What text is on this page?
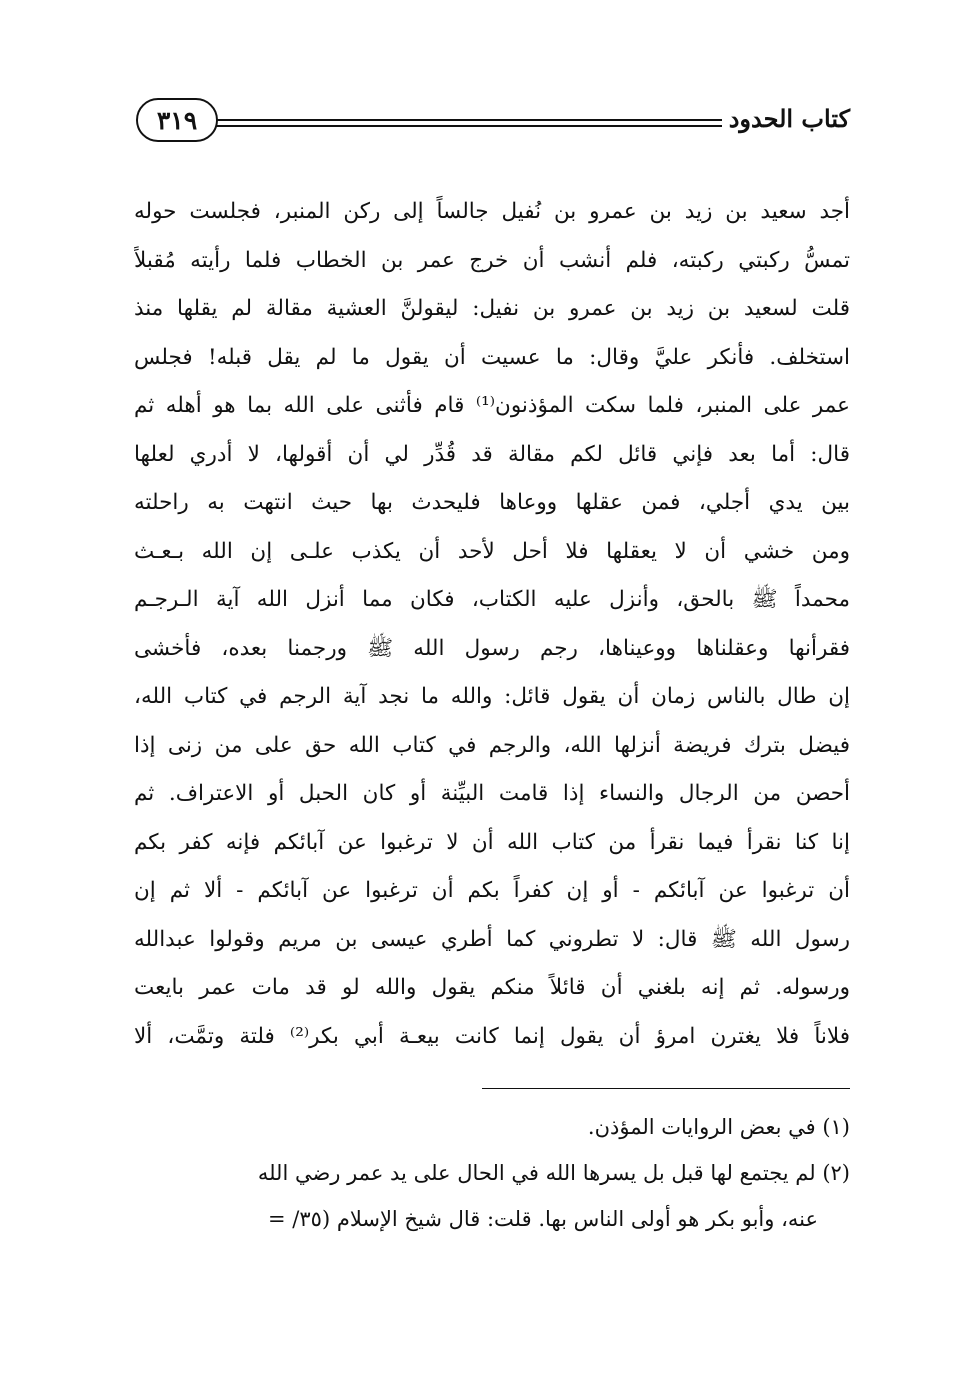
كتاب الحدود
٣١٩
أجد سعيد بن زيد بن عمرو بن نُفيل جالساً إلى ركن المنبر، فجلست حوله
تمسُّ ركبتي ركبته، فلم أنشب أن خرج عمر بن الخطاب فلما رأيته مُقبلاً
قلت لسعيد بن زيد بن عمرو بن نفيل: ليقولنَّ العشية مقالة لم يقلها منذ
استخلف. فأنكر عليَّ وقال: ما عسيت أن يقول ما لم يقل قبله! فجلس
عمر على المنبر، فلما سكت المؤذنون⁽¹⁾ قام فأثنى على الله بما هو أهله ثم
قال: أما بعد فإني قائل لكم مقالة قد قُدِّر لي أن أقولها، لا أدري لعلها
بين يدي أجلي، فمن عقلها ووعاها فليحدث بها حيث انتهت به راحلته
ومن خشي أن لا يعقلها فلا أحل لأحد أن يكذب علـى إن الله بـعـث
محمداً ﷺ بالحق، وأنزل عليه الكتاب، فكان مما أنزل الله آية الـرجـم
فقرأنها وعقلناها ووعيناها، رجم رسول الله ﷺ ورجمنا بعده، فأخشى
إن طال بالناس زمان أن يقول قائل: والله ما نجد آية الرجم في كتاب الله،
فيضل بترك فريضة أنزلها الله، والرجم في كتاب الله حق على من زنى إذا
أحصن من الرجال والنساء إذا قامت البيِّنة أو كان الحبل أو الاعتراف. ثم
إنا كنا نقرأ فيما نقرأ من كتاب الله أن لا ترغبوا عن آبائكم فإنه كفر بكم
أن ترغبوا عن آبائكم - أو إن كفراً بكم أن ترغبوا عن آبائكم - ألا ثم إن
رسول الله ﷺ قال: لا تطروني كما أطري عيسى بن مريم وقولوا عبدالله
ورسوله. ثم إنه بلغني أن قائلاً منكم يقول والله لو قد مات عمر بايعت
فلاناً فلا يغترن امرؤ أن يقول إنما كانت بيعـة أبي بكر⁽²⁾ فلتة وتمَّت، ألا
(١) في بعض الروايات المؤذن.
(٢) لم يجتمع لها قبل بل يسرها الله في الحال على يد عمر رضي الله
عنه، وأبو بكر هو أولى الناس بها. قلت: قال شيخ الإسلام (٣٥/ =
